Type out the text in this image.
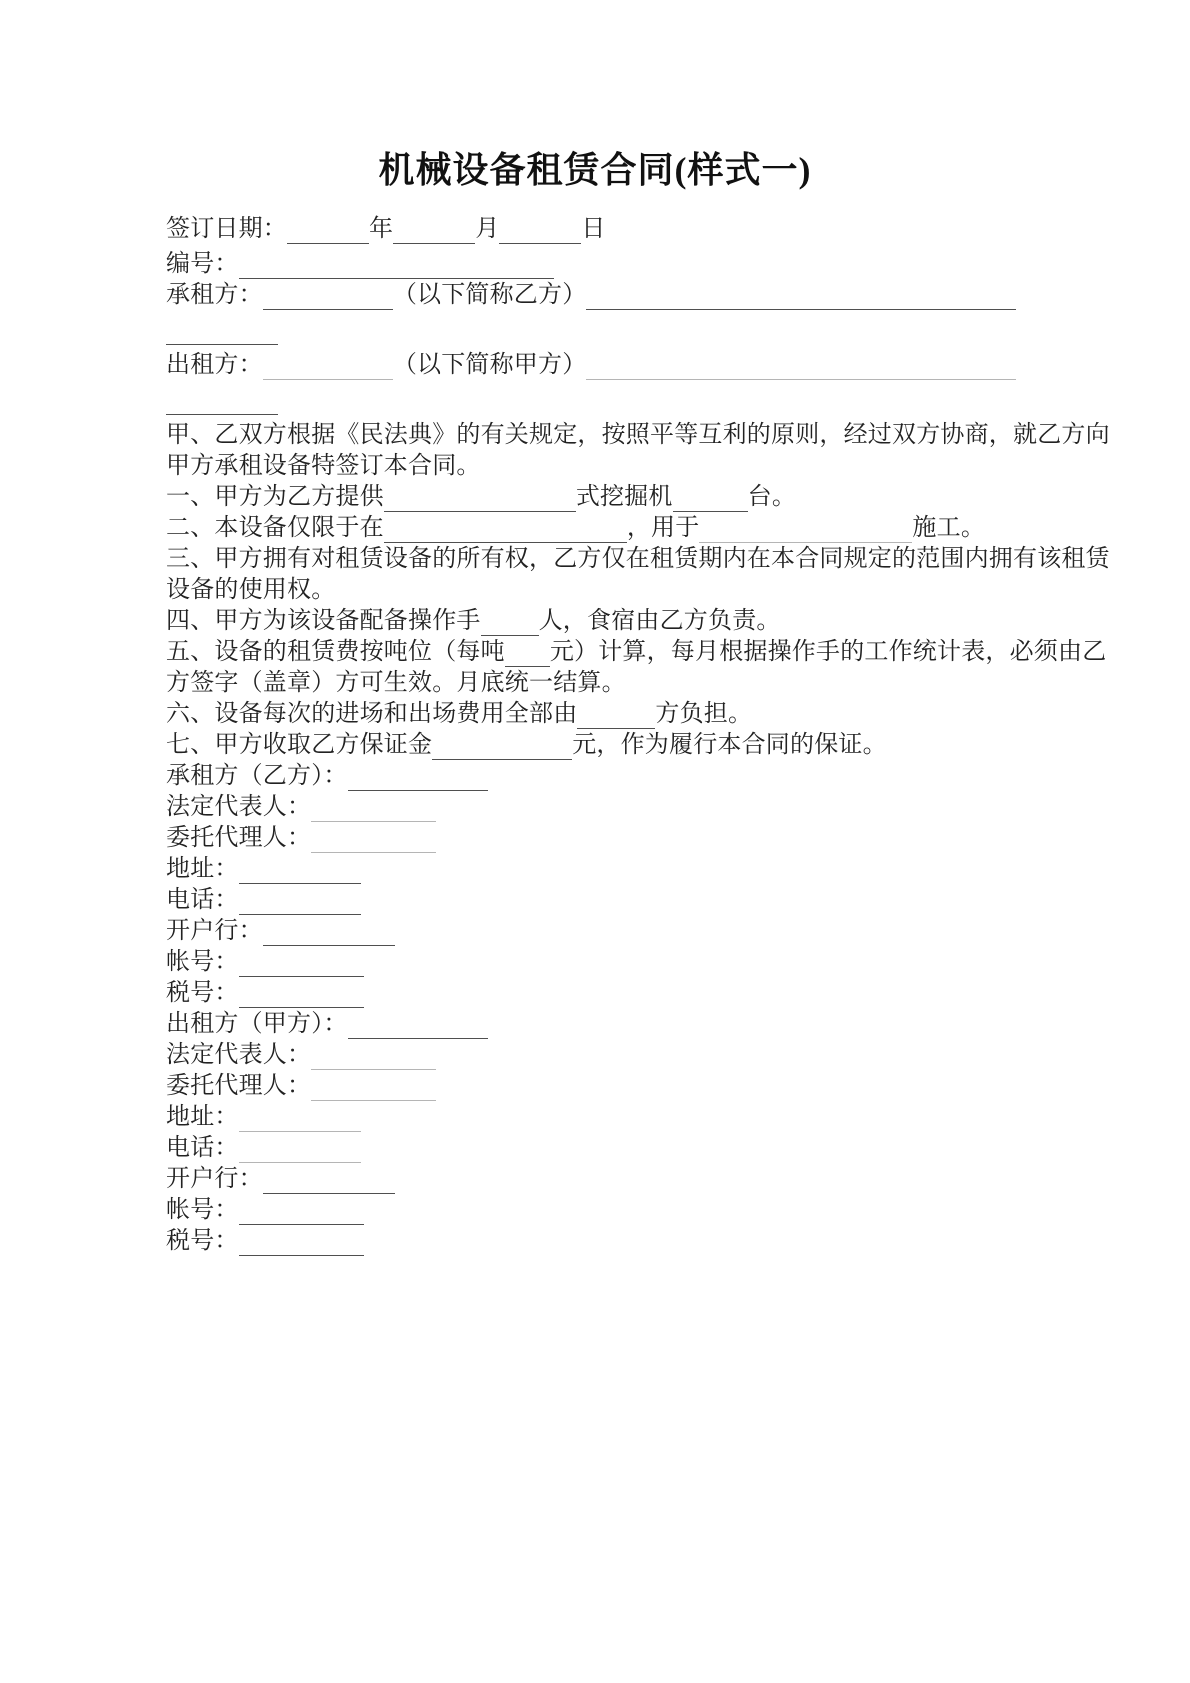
机械设备租赁合同(样式一)
签订日期：	年	月	日
编号：
承租方：	（以下简称乙方）
出租方：	（以下简称甲方）
甲、乙双方根据《民法典》的有关规定，按照平等互利的原则，经过双方协商，就乙方向
甲方承租设备特签订本合同。
一、甲方为乙方提供	式挖掘机	台。
二、本设备仅限于在	，用于	施工。
三、甲方拥有对租赁设备的所有权，乙方仅在租赁期内在本合同规定的范围内拥有该租赁
设备的使用权。
四、甲方为该设备配备操作手 人，食宿由乙方负责。
五、设备的租赁费按吨位（每吨 元）计算，每月根据操作手的工作统计表，必须由乙
方签字（盖章）方可生效。月底统一结算。
六、设备每次的进场和出场费用全部由	方负担。
七、甲方收取乙方保证金	元，作为履行本合同的保证。
承租方（乙方）：
法定代表人：
委托代理人：
地址：
电话：
开户行：
帐号：
税号：
出租方（甲方）：
法定代表人：
委托代理人：
地址：
电话：
开户行：
帐号：
税号：
